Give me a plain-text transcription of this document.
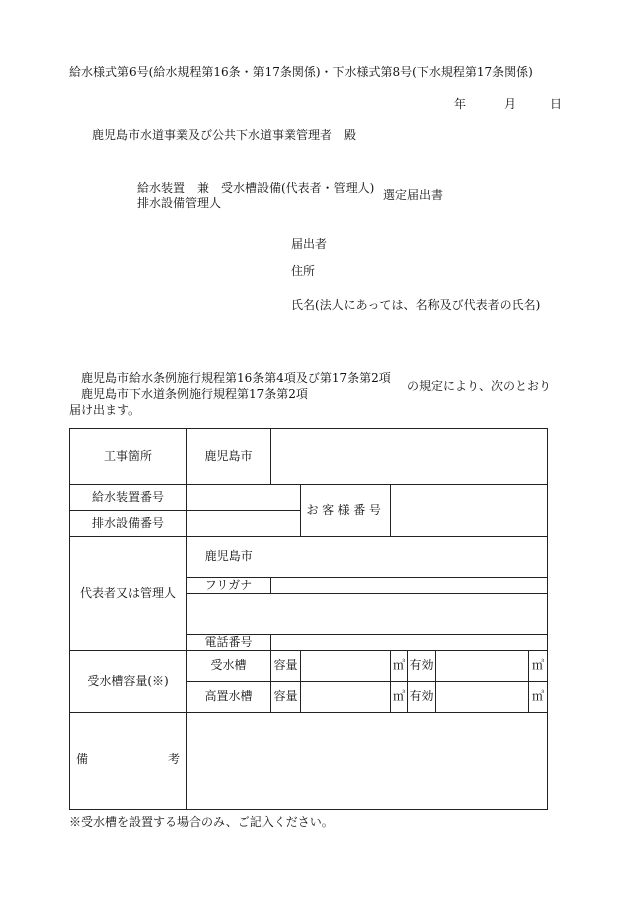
給水様式第6号(給水規程第16条・第17条関係)・下水様式第8号(下水規程第17条関係)
年	月	日
鹿児島市水道事業及び公共下水道事業管理者　殿
給水装置　兼　受水槽設備(代表者・管理人)
排水設備管理人
選定届出書
届出者
住所
氏名(法人にあっては、名称及び代表者の氏名)
鹿児島市給水条例施行規程第16条第4項及び第17条第2項
鹿児島市下水道条例施行規程第17条第2項
の規定により、次のとおり
届け出ます。
工事箇所	鹿児島市						
給水装置番号			お客様番号				
排水設備番号							
代表者又は管理人	鹿児島市						
	フリガナ						

	電話番号						
受水槽容量(※)	受水槽	容量		㎥	有効		㎥
	高置水槽	容量		㎥	有効		㎥

備 考							

※受水槽を設置する場合のみ、ご記入ください。
